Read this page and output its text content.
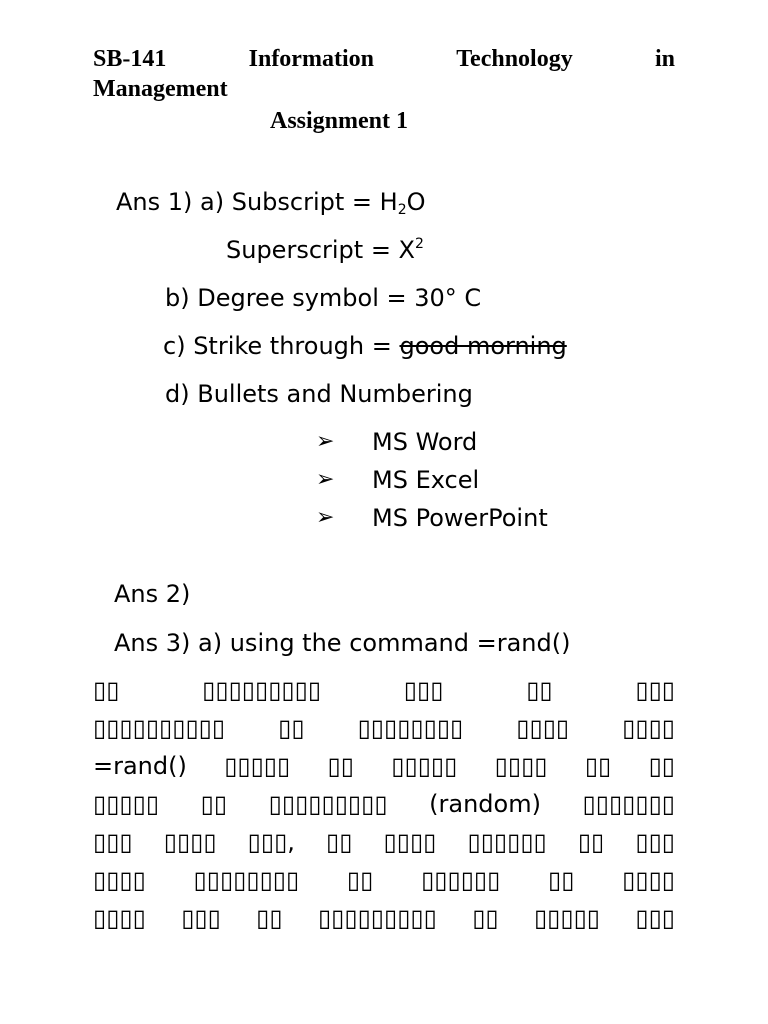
SB-141	Information	Technology	in
Management
Assignment 1
Ans 1) a) Subscript = $H_2O$
Superscript = $X^2$
b) Degree symbol = 30° C
c) Strike through = good morning
d) Bullets and Numbering
➢	MS Word
➢	MS Excel
➢	MS PowerPoint
Ans 2)
Ans 3) a) using the command =rand()
▯▯ ▯▯▯▯▯▯▯▯▯ ▯▯▯ ▯▯ ▯▯▯
▯▯▯▯▯▯▯▯▯▯ ▯▯ ▯▯▯▯▯▯▯▯ ▯▯▯▯ ▯▯▯▯
=rand() ▯▯▯▯▯ ▯▯ ▯▯▯▯▯ ▯▯▯▯ ▯▯ ▯▯
▯▯▯▯▯ ▯▯ ▯▯▯▯▯▯▯▯▯ (random) ▯▯▯▯▯▯▯
▯▯▯ ▯▯▯▯ ▯▯▯, ▯▯ ▯▯▯▯ ▯▯▯▯▯▯ ▯▯ ▯▯▯
▯▯▯▯ ▯▯▯▯▯▯▯▯ ▯▯ ▯▯▯▯▯▯ ▯▯ ▯▯▯▯
▯▯▯▯ ▯▯▯ ▯▯ ▯▯▯▯▯▯▯▯▯ ▯▯ ▯▯▯▯▯ ▯▯▯
